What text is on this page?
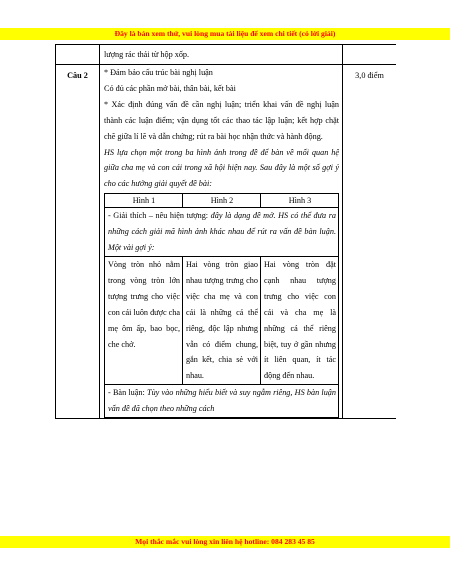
Đây là bản xem thử, vui lòng mua tài liệu để xem chi tiết (có lời giải)

lượng rác thải từ hộp xốp.

Câu 2	* Đảm bảo cấu trúc bài nghị luận
Có đủ các phần mở bài, thân bài, kết bài
* Xác định đúng vấn đề cần nghị luận; triển khai vấn đề nghị luận thành các luận điểm; vận dụng tốt các thao tác lập luận; kết hợp chặt chẽ giữa lí lẽ và dẫn chứng; rút ra bài học nhận thức và hành động.
HS lựa chọn một trong ba hình ảnh trong đề để bàn về mối quan hệ giữa cha mẹ và con cái trong xã hội hiện nay. Sau đây là một số gợi ý cho các hướng giải quyết đề bài:
Hình 1	Hình 2	Hình 3
- Giải thích – nêu hiện tượng: đây là dạng đề mở. HS có thể đưa ra những cách giải mã hình ảnh khác nhau để rút ra vấn đề bàn luận. Một vài gợi ý:
Vòng tròn nhỏ nằm trong vòng tròn lớn tượng trưng cho việc con cái luôn được cha mẹ ôm ấp, bao bọc, che chở.	Hai vòng tròn giao nhau tượng trưng cho việc cha mẹ và con cái là những cá thể riêng, độc lập nhưng vẫn có điểm chung, gắn kết, chia sẻ với nhau.	Hai vòng tròn đặt cạnh nhau tượng trưng cho việc con cái và cha mẹ là những cá thể riêng biệt, tuy ở gần nhưng ít liên quan, ít tác động đến nhau.
- Bàn luận: Tùy vào những hiểu biết và suy ngẫm riêng, HS bàn luận vấn đề đã chọn theo những cách
	3,0 điểm
Mọi thắc mắc vui lòng xin liên hệ hotline: 084 283 45 85
